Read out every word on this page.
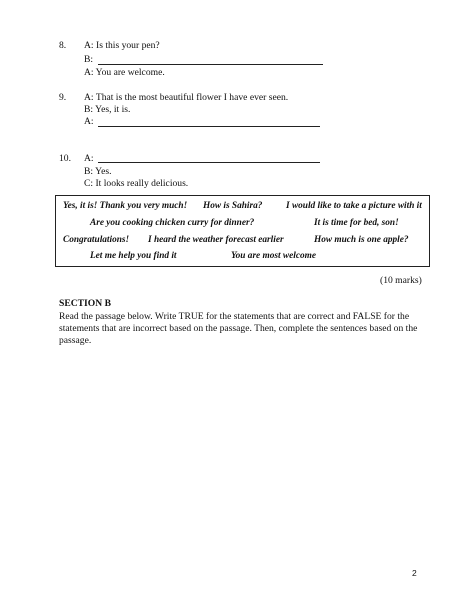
8. A: Is this your pen?
B:
A: You are welcome.
9. A: That is the most beautiful flower I have ever seen.
B: Yes, it is.
A:
10. A:
B: Yes.
C: It looks really delicious.
Yes, it is! Thank you very much! How is Sahira?	I would like to take a picture with it
Are you cooking chicken curry for dinner?	It is time for bed, son!
Congratulations! I heard the weather forecast earlier	How much is one apple?
Let me help you find it	You are most welcome
(10 marks)
SECTION B
Read the passage below. Write TRUE for the statements that are correct and FALSE for the
statements that are incorrect based on the passage. Then, complete the sentences based on the
passage.
2
